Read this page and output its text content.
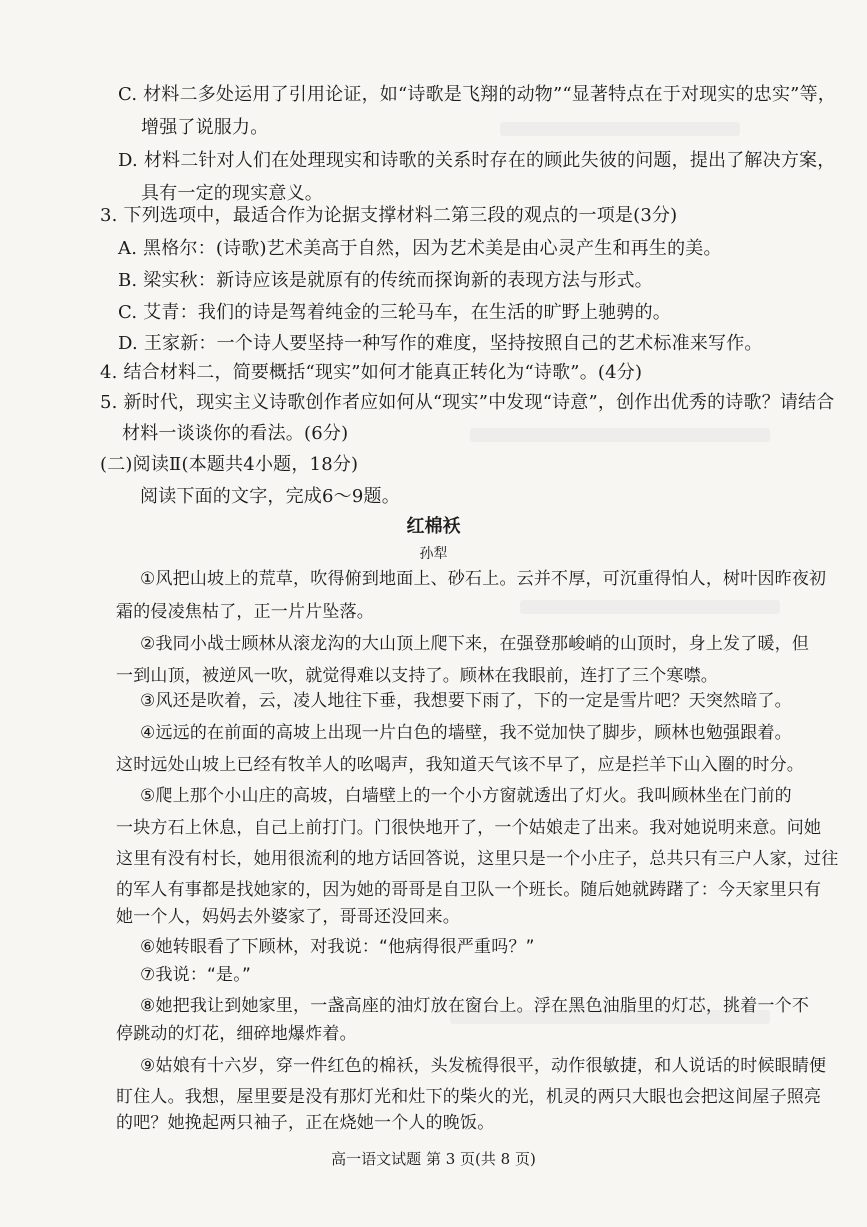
C. 材料二多处运用了引用论证，如“诗歌是飞翔的动物”“显著特点在于对现实的忠实”等，
增强了说服力。
D. 材料二针对人们在处理现实和诗歌的关系时存在的顾此失彼的问题，提出了解决方案，
具有一定的现实意义。
3. 下列选项中，最适合作为论据支撑材料二第三段的观点的一项是(3分)
A. 黑格尔：(诗歌)艺术美高于自然，因为艺术美是由心灵产生和再生的美。
B. 梁实秋：新诗应该是就原有的传统而探询新的表现方法与形式。
C. 艾青：我们的诗是驾着纯金的三轮马车，在生活的旷野上驰骋的。
D. 王家新：一个诗人要坚持一种写作的难度，坚持按照自己的艺术标准来写作。
4. 结合材料二，简要概括“现实”如何才能真正转化为“诗歌”。(4分)
5. 新时代，现实主义诗歌创作者应如何从“现实”中发现“诗意”，创作出优秀的诗歌？请结合
材料一谈谈你的看法。(6分)
(二)阅读Ⅱ(本题共4小题，18分)
阅读下面的文字，完成6～9题。
红棉袄
孙犁
①风把山坡上的荒草，吹得俯到地面上、砂石上。云并不厚，可沉重得怕人，树叶因昨夜初
霜的侵凌焦枯了，正一片片坠落。
②我同小战士顾林从滚龙沟的大山顶上爬下来，在强登那峻峭的山顶时，身上发了暖，但
一到山顶，被逆风一吹，就觉得难以支持了。顾林在我眼前，连打了三个寒噤。
③风还是吹着，云，凌人地往下垂，我想要下雨了，下的一定是雪片吧？天突然暗了。
④远远的在前面的高坡上出现一片白色的墙壁，我不觉加快了脚步，顾林也勉强跟着。
这时远处山坡上已经有牧羊人的吆喝声，我知道天气该不早了，应是拦羊下山入圈的时分。
⑤爬上那个小山庄的高坡，白墙壁上的一个小方窗就透出了灯火。我叫顾林坐在门前的
一块方石上休息，自己上前打门。门很快地开了，一个姑娘走了出来。我对她说明来意。问她
这里有没有村长，她用很流利的地方话回答说，这里只是一个小庄子，总共只有三户人家，过往
的军人有事都是找她家的，因为她的哥哥是自卫队一个班长。随后她就踌躇了：今天家里只有
她一个人，妈妈去外婆家了，哥哥还没回来。
⑥她转眼看了下顾林，对我说：“他病得很严重吗？”
⑦我说：“是。”
⑧她把我让到她家里，一盏高座的油灯放在窗台上。浮在黑色油脂里的灯芯，挑着一个不
停跳动的灯花，细碎地爆炸着。
⑨姑娘有十六岁，穿一件红色的棉袄，头发梳得很平，动作很敏捷，和人说话的时候眼睛便
盯住人。我想，屋里要是没有那灯光和灶下的柴火的光，机灵的两只大眼也会把这间屋子照亮
的吧？她挽起两只袖子，正在烧她一个人的晚饭。
高一语文试题 第 3 页(共 8 页)
